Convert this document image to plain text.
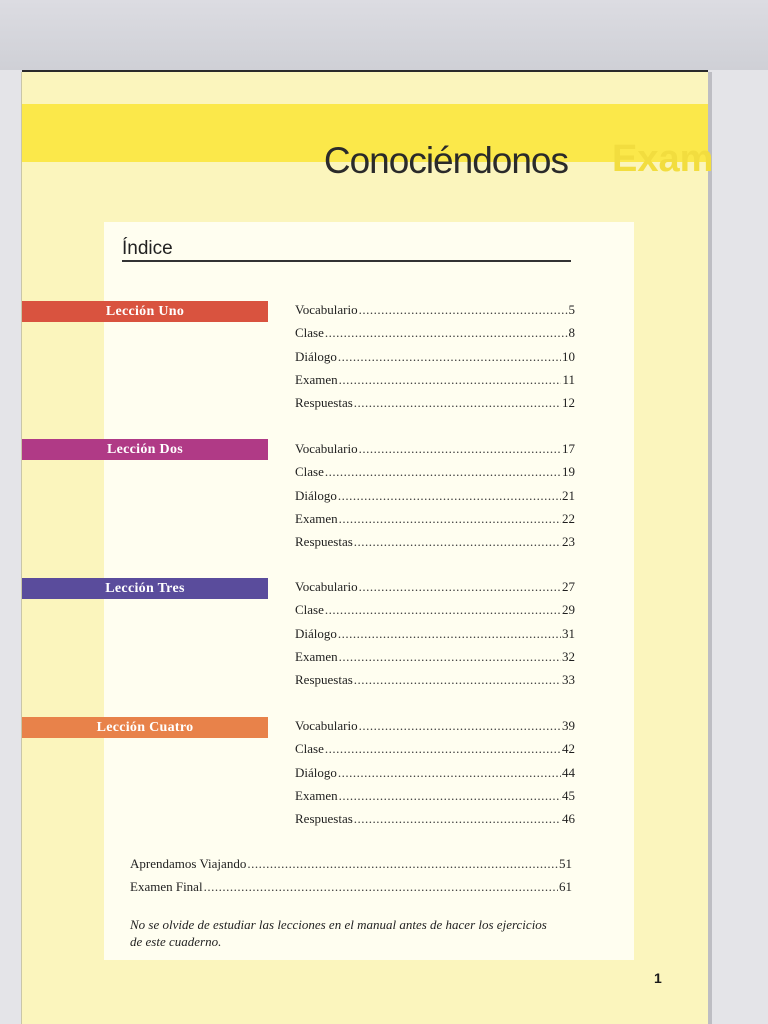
Exam
Conociéndonos

Índice
Lección Uno	Vocabulario .....	5
Clase .....	8
Diálogo .....	10
Examen .....	11
Respuestas .....	12
Lección Dos	Vocabulario .....	17
Clase .....	19
Diálogo .....	21
Examen .....	22
Respuestas .....	23
Lección Tres	Vocabulario .....	27
Clase .....	29
Diálogo .....	31
Examen .....	32
Respuestas .....	33
Lección Cuatro	Vocabulario .....	39
Clase .....	42
Diálogo .....	44
Examen .....	45
Respuestas .....	46
Aprendamos Viajando .....	51
Examen Final .....	61
No se olvide de estudiar las lecciones en el manual antes de hacer los ejercicios de este cuaderno.
1
